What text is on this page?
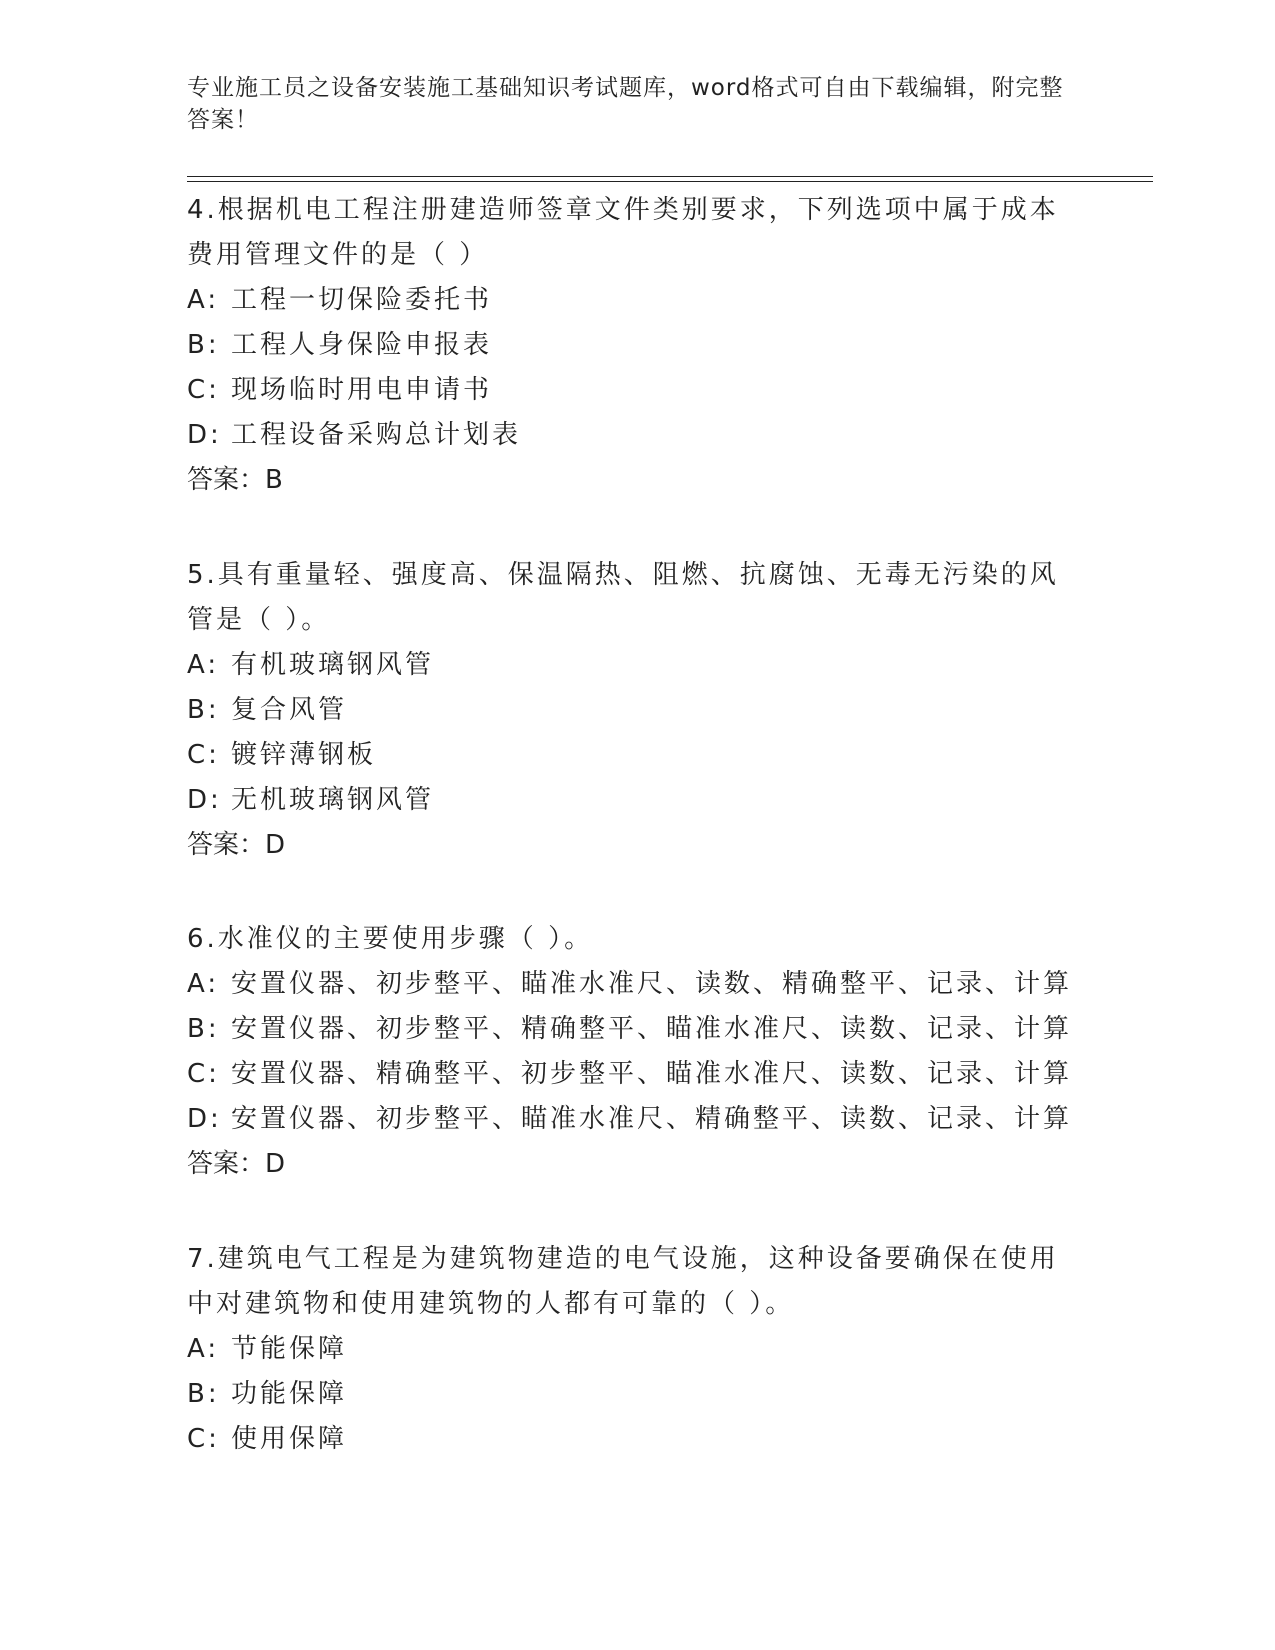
专业施工员之设备安装施工基础知识考试题库，word格式可自由下载编辑，附完整答案！

4.根据机电工程注册建造师签章文件类别要求，下列选项中属于成本费用管理文件的是（ ）

A: 工程一切保险委托书

B: 工程人身保险申报表

C: 现场临时用电申请书

D: 工程设备采购总计划表

答案：B

5.具有重量轻、强度高、保温隔热、阻燃、抗腐蚀、无毒无污染的风管是（ ）。

A: 有机玻璃钢风管

B: 复合风管

C: 镀锌薄钢板

D: 无机玻璃钢风管

答案：D

6.水准仪的主要使用步骤（ ）。

A: 安置仪器、初步整平、瞄准水准尺、读数、精确整平、记录、计算

B: 安置仪器、初步整平、精确整平、瞄准水准尺、读数、记录、计算

C: 安置仪器、精确整平、初步整平、瞄准水准尺、读数、记录、计算

D: 安置仪器、初步整平、瞄准水准尺、精确整平、读数、记录、计算

答案：D

7.建筑电气工程是为建筑物建造的电气设施，这种设备要确保在使用中对建筑物和使用建筑物的人都有可靠的（ ）。

A: 节能保障

B: 功能保障

C: 使用保障
